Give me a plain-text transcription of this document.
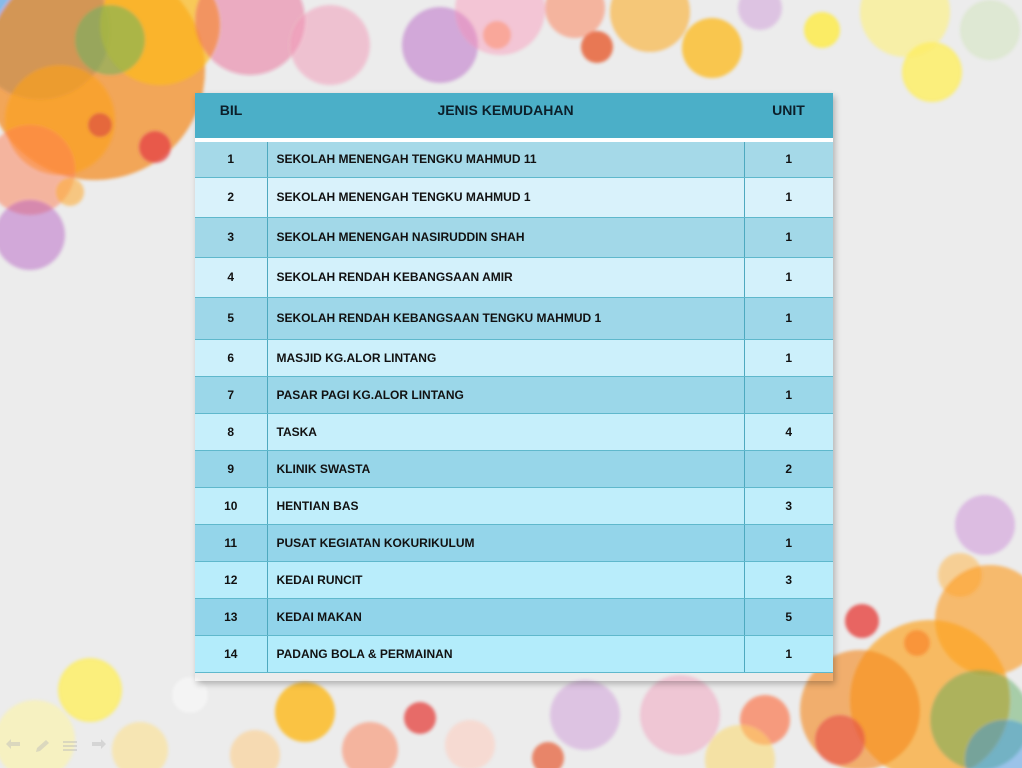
BIL	JENIS KEMUDAHAN	UNIT
1	SEKOLAH MENENGAH TENGKU MAHMUD 11	1
2	SEKOLAH MENENGAH TENGKU MAHMUD 1	1
3	SEKOLAH MENENGAH NASIRUDDIN SHAH	1
4	SEKOLAH RENDAH KEBANGSAAN AMIR	1
5	SEKOLAH RENDAH KEBANGSAAN TENGKU MAHMUD 1	1
6	MASJID KG.ALOR LINTANG	1
7	PASAR PAGI KG.ALOR LINTANG	1
8	TASKA	4
9	KLINIK SWASTA	2
10	HENTIAN BAS	3
11	PUSAT KEGIATAN KOKURIKULUM	1
12	KEDAI RUNCIT	3
13	KEDAI MAKAN	5
14	PADANG BOLA & PERMAINAN	1
